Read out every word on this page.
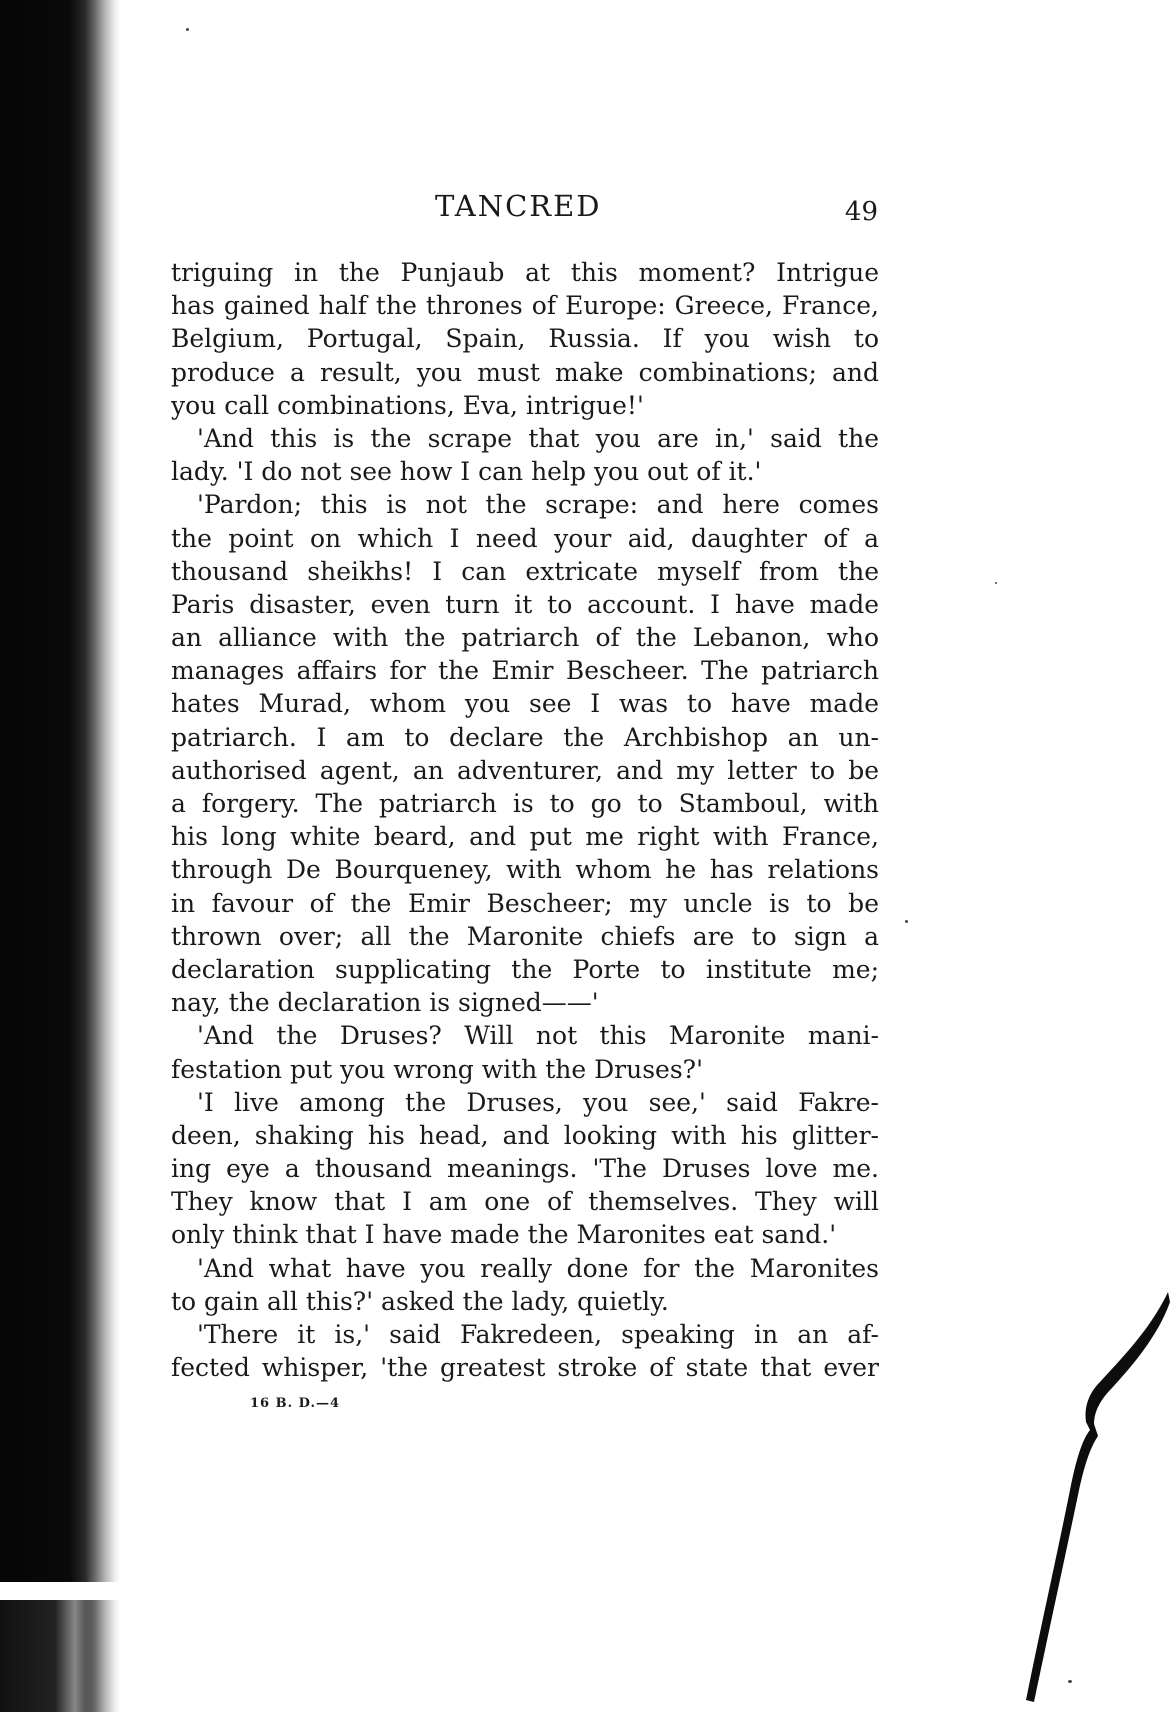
TANCRED	49
triguing in the Punjaub at this moment? Intrigue
has gained half the thrones of Europe: Greece, France,
Belgium, Portugal, Spain, Russia. If you wish to
produce a result, you must make combinations; and
you call combinations, Eva, intrigue!'
'And this is the scrape that you are in,' said the
lady. 'I do not see how I can help you out of it.'
'Pardon; this is not the scrape: and here comes
the point on which I need your aid, daughter of a
thousand sheikhs! I can extricate myself from the
Paris disaster, even turn it to account. I have made
an alliance with the patriarch of the Lebanon, who
manages affairs for the Emir Bescheer. The patriarch
hates Murad, whom you see I was to have made
patriarch. I am to declare the Archbishop an un-
authorised agent, an adventurer, and my letter to be
a forgery. The patriarch is to go to Stamboul, with
his long white beard, and put me right with France,
through De Bourqueney, with whom he has relations
in favour of the Emir Bescheer; my uncle is to be
thrown over; all the Maronite chiefs are to sign a
declaration supplicating the Porte to institute me;
nay, the declaration is signed——'
'And the Druses? Will not this Maronite mani-
festation put you wrong with the Druses?'
'I live among the Druses, you see,' said Fakre-
deen, shaking his head, and looking with his glitter-
ing eye a thousand meanings. 'The Druses love me.
They know that I am one of themselves. They will
only think that I have made the Maronites eat sand.'
'And what have you really done for the Maronites
to gain all this?' asked the lady, quietly.
'There it is,' said Fakredeen, speaking in an af-
fected whisper, 'the greatest stroke of state that ever
16 B. D.—4
